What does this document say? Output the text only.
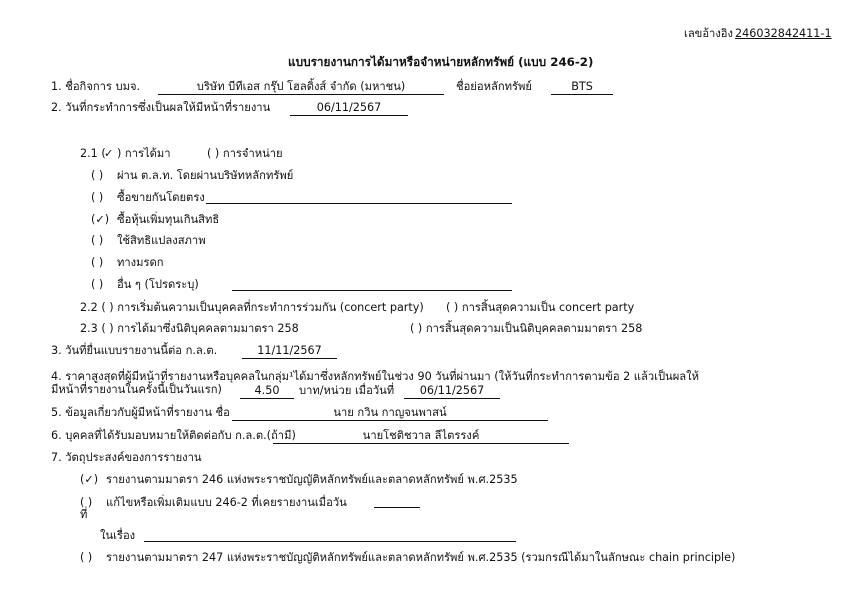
เลขอ้างอิง 246032842411-1
แบบรายงานการได้มาหรือจำหน่ายหลักทรัพย์ (แบบ 246-2)
1. ชื่อกิจการ บมจ.	บริษัท บีทีเอส กรุ๊ป โฮลดิ้งส์ จำกัด (มหาชน)	ชื่อย่อหลักทรัพย์	BTS
2. วันที่กระทำการซึ่งเป็นผลให้มีหน้าที่รายงาน	06/11/2567
2.1 (
✓ ) การได้มา	( ) การจำหน่าย
( ) ผ่าน ต.ล.ท. โดยผ่านบริษัทหลักทรัพย์
( ) ซื้อขายกันโดยตรง
(✓) ซื้อหุ้นเพิ่มทุนเกินสิทธิ
( ) ใช้สิทธิแปลงสภาพ
( ) ทางมรดก
( ) อื่น ๆ (โปรดระบุ)
2.2 ( ) การเริ่มต้นความเป็นบุคคลที่กระทำการร่วมกัน (concert party) ( ) การสิ้นสุดความเป็น concert party
2.3 ( ) การได้มาซึ่งนิติบุคคลตามมาตรา 258	( ) การสิ้นสุดความเป็นนิติบุคคลตามมาตรา 258
3. วันที่ยื่นแบบรายงานนี้ต่อ ก.ล.ต.	11/11/2567
4. ราคาสูงสุดที่ผู้มีหน้าที่รายงานหรือบุคคลในกลุ่ม¹ได้มาซึ่งหลักทรัพย์ในช่วง 90 วันที่ผ่านมา (ให้วันที่กระทำการตามข้อ 2 แล้วเป็นผลให้
มีหน้าที่รายงานในครั้งนี้เป็นวันแรก)	4.50	บาท/หน่วย เมื่อวันที่	06/11/2567
5. ข้อมูลเกี่ยวกับผู้มีหน้าที่รายงาน ชื่อ	นาย กวิน กาญจนพาสน์
6. บุคคลที่ได้รับมอบหมายให้ติดต่อกับ ก.ล.ต.(ถ้ามี)	นายโชติชวาล ลีไตรรงค์
7. วัตถุประสงค์ของการรายงาน
(✓) รายงานตามมาตรา 246 แห่งพระราชบัญญัติหลักทรัพย์และตลาดหลักทรัพย์ พ.ศ.2535
( ) แก้ไขหรือเพิ่มเติมแบบ 246-2 ที่เคยรายงานเมื่อวัน
ที่
ในเรื่อง
( ) รายงานตามมาตรา 247 แห่งพระราชบัญญัติหลักทรัพย์และตลาดหลักทรัพย์ พ.ศ.2535 (รวมกรณีได้มาในลักษณะ chain principle)
